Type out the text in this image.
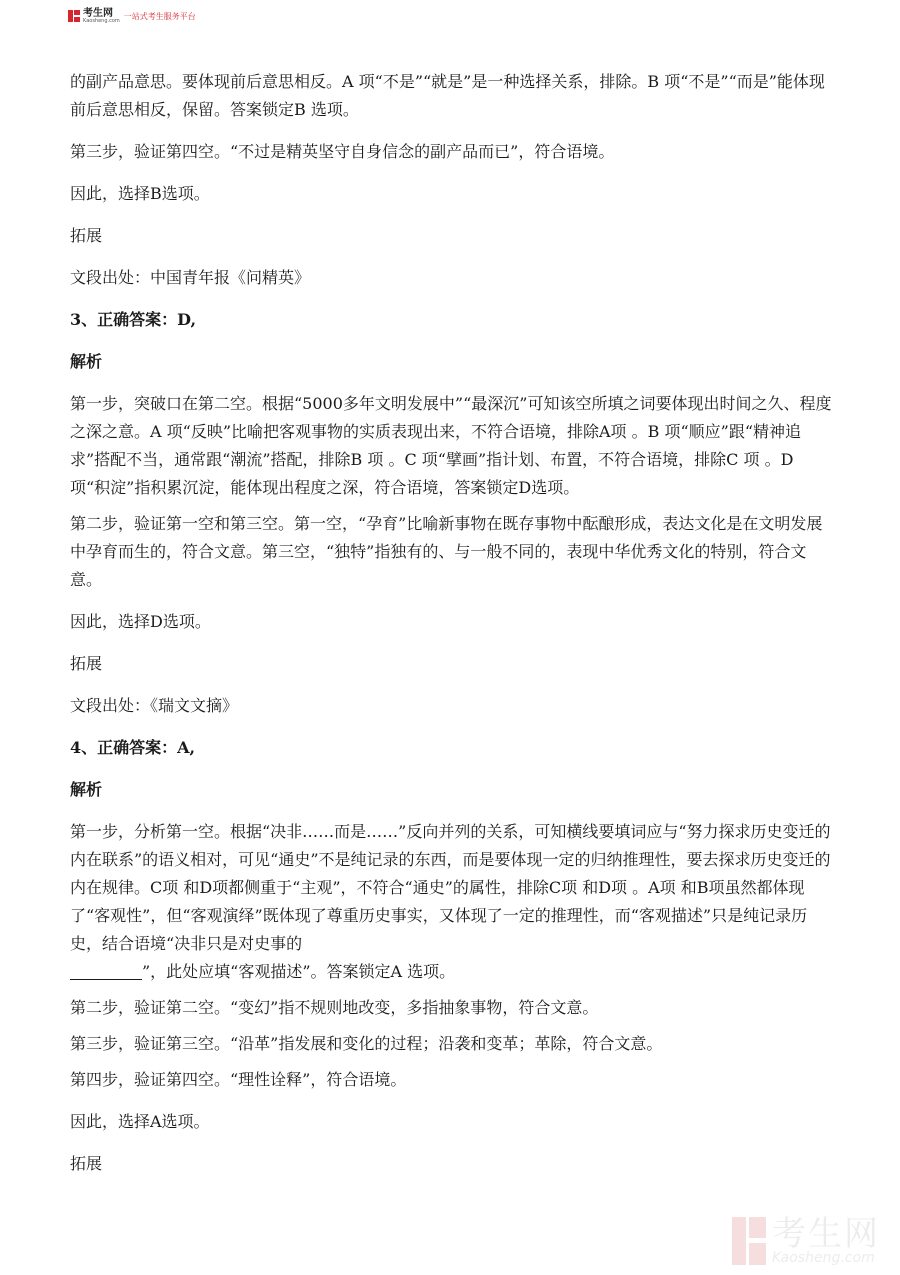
考生网
Kaosheng.com 一站式考生服务平台

的副产品意思。要体现前后意思相反。A 项“不是”“就是”是一种选择关系，排除。B 项“不是”“而是”能体现前后意思相反，保留。答案锁定B 选项。

第三步，验证第四空。“不过是精英坚守自身信念的副产品而已”，符合语境。

因此，选择B选项。

拓展

文段出处：中国青年报《问精英》

3、正确答案：D,

解析

第一步，突破口在第二空。根据“5000多年文明发展中”“最深沉”可知该空所填之词要体现出时间之久、程度之深之意。A 项“反映”比喻把客观事物的实质表现出来，不符合语境，排除A项 。B 项“顺应”跟“精神追求”搭配不当，通常跟“潮流”搭配，排除B 项 。C 项“擘画”指计划、布置，不符合语境，排除C 项 。D 项“积淀”指积累沉淀，能体现出程度之深，符合语境，答案锁定D选项。

第二步，验证第一空和第三空。第一空，“孕育”比喻新事物在既存事物中酝酿形成，表达文化是在文明发展中孕育而生的，符合文意。第三空，“独特”指独有的、与一般不同的，表现中华优秀文化的特别，符合文意。

因此，选择D选项。

拓展

文段出处：《瑞文文摘》

4、正确答案：A,

解析

第一步，分析第一空。根据“决非……而是……”反向并列的关系，可知横线要填词应与“努力探求历史变迁的内在联系”的语义相对，可见“通史”不是纯记录的东西，而是要体现一定的归纳推理性，要去探求历史变迁的内在规律。C项 和D项都侧重于“主观”，不符合“通史”的属性，排除C项 和D项 。A项 和B项虽然都体现了“客观性”，但“客观演绎”既体现了尊重历史事实，又体现了一定的推理性，而“客观描述”只是纯记录历史，结合语境“决非只是对史事的
”，此处应填“客观描述”。答案锁定A 选项。

第二步，验证第二空。“变幻”指不规则地改变，多指抽象事物，符合文意。

第三步，验证第三空。“沿革”指发展和变化的过程；沿袭和变革；革除，符合文意。

第四步，验证第四空。“理性诠释”，符合语境。

因此，选择A选项。

拓展

考生网
Kaosheng.com
